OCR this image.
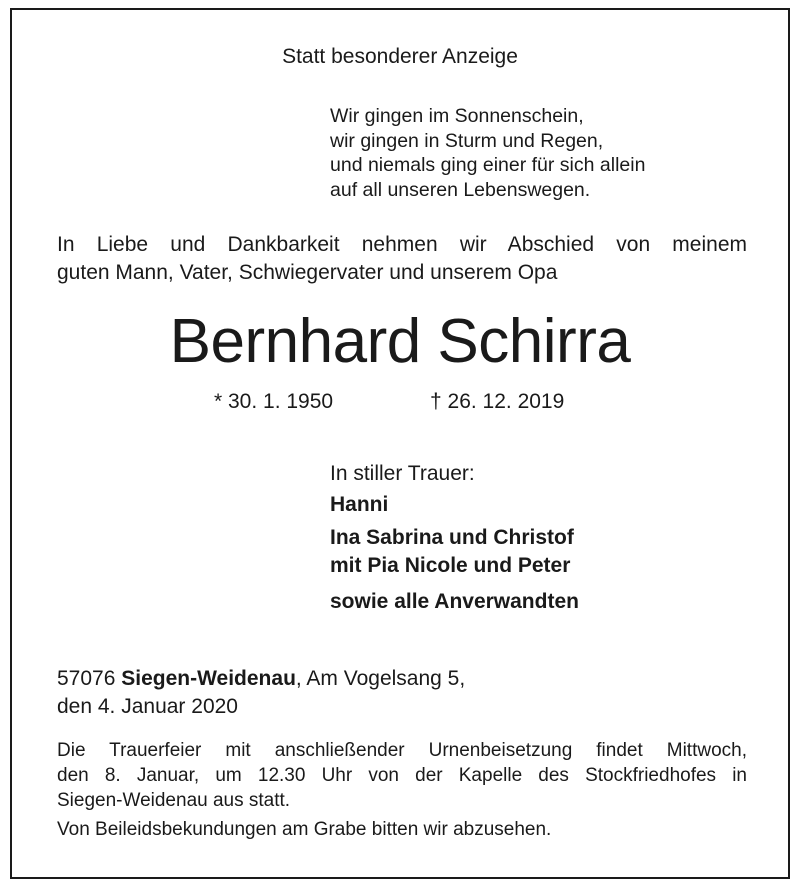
Statt besonderer Anzeige
Wir gingen im Sonnenschein,
wir gingen in Sturm und Regen,
und niemals ging einer für sich allein
auf all unseren Lebenswegen.
In Liebe und Dankbarkeit nehmen wir Abschied von meinem
guten Mann, Vater, Schwiegervater und unserem Opa
Bernhard Schirra
* 30. 1. 1950	† 26. 12. 2019
In stiller Trauer:
Hanni
Ina Sabrina und Christof
mit Pia Nicole und Peter
sowie alle Anverwandten
57076 Siegen-Weidenau, Am Vogelsang 5,
den 4. Januar 2020
Die Trauerfeier mit anschließender Urnenbeisetzung findet Mittwoch,
den 8. Januar, um 12.30 Uhr von der Kapelle des Stockfriedhofes in
Siegen-Weidenau aus statt.
Von Beileidsbekundungen am Grabe bitten wir abzusehen.
